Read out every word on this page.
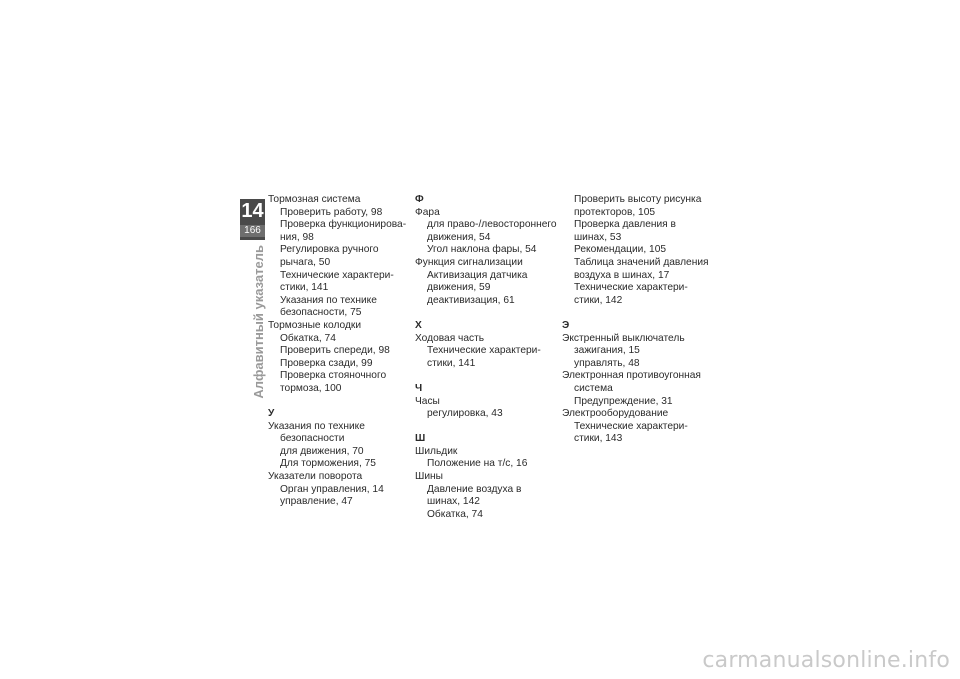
14
166
Алфавитный указатель

Тормозная система

Проверить работу, 98

Проверка функционирова-

ния, 98

Регулировка ручного

рычага, 50

Технические характери-

стики, 141

Указания по технике

безопасности, 75

Тормозные колодки

Обкатка, 74

Проверить спереди, 98

Проверка сзади, 99

Проверка стояночного

тормоза, 100

У

Указания по технике

безопасности

для движения, 70

Для торможения, 75

Указатели поворота

Орган управления, 14

управление, 47

Ф

Фара

для право-/левостороннего

движения, 54

Угол наклона фары, 54

Функция сигнализации

Активизация датчика

движения, 59

деактивизация, 61

Х

Ходовая часть

Технические характери-

стики, 141

Ч

Часы

регулировка, 43

Ш

Шильдик

Положение на т/с, 16

Шины

Давление воздуха в

шинах, 142

Обкатка, 74

Проверить высоту рисунка

протекторов, 105

Проверка давления в

шинах, 53

Рекомендации, 105

Таблица значений давления

воздуха в шинах, 17

Технические характери-

стики, 142

Э

Экстренный выключатель

зажигания, 15

управлять, 48

Электронная противоугонная

система

Предупреждение, 31

Электрооборудование

Технические характери-

стики, 143

carmanualsonline.info
